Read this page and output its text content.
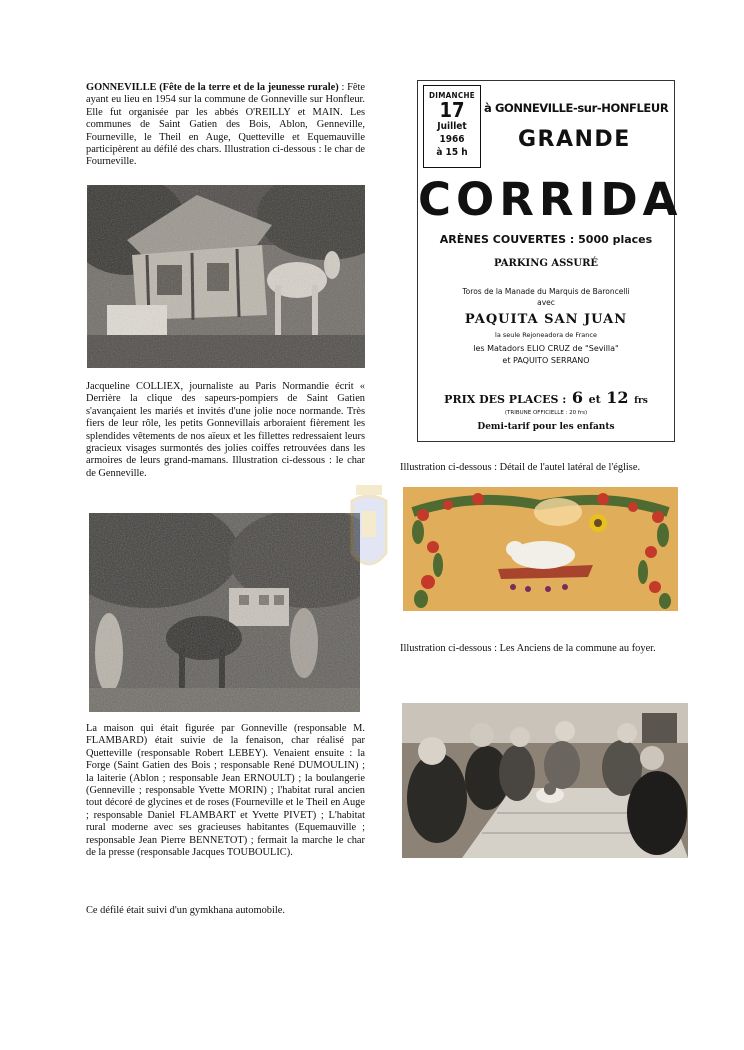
GONNEVILLE (Fête de la terre et de la jeunesse rurale) : Fête ayant eu lieu en 1954 sur la commune de Gonneville sur Honfleur. Elle fut organisée par les abbés O'REILLY et MAIN. Les communes de Saint Gatien des Bois, Ablon, Genneville, Fourneville, le Theil en Auge, Quetteville et Equemauville participèrent au défilé des chars. Illustration ci-dessous : le char de Fourneville.
Jacqueline COLLIEX, journaliste au Paris Normandie écrit « Derrière la clique des sapeurs-pompiers de Saint Gatien s'avançaient les mariés et invités d'une jolie noce normande. Très fiers de leur rôle, les petits Gonnevillais arboraient fièrement les splendides vêtements de nos aïeux et les fillettes redressaient leurs gracieux visages surmontés des jolies coiffes retrouvées dans les armoires de leurs grand-mamans. Illustration ci-dessous : le char de Genneville.
La maison qui était figurée par Gonneville (responsable M. FLAMBARD) était suivie de la fenaison, char réalisé par Quetteville (responsable Robert LEBEY). Venaient ensuite : la Forge (Saint Gatien des Bois ; responsable René DUMOULIN) ; la laiterie (Ablon ; responsable Jean ERNOULT) ; la boulangerie (Genneville ; responsable Yvette MORIN) ; l'habitat rural ancien tout décoré de glycines et de roses (Fourneville et le Theil en Auge ; responsable Daniel FLAMBART et Yvette PIVET) ; L'habitat rural moderne avec ses gracieuses habitantes (Equemauville ; responsable Jean Pierre BENNETOT) ; fermait la marche le char de la presse (responsable Jacques TOUBOULIC).
Ce défilé était suivi d'un gymkhana automobile.
DIMANCHE
17
Juillet 1966
à 15 h
à GONNEVILLE-sur-HONFLEUR
GRANDE
CORRIDA
ARÈNES COUVERTES : 5000 places
PARKING ASSURÉ
Toros de la Manade du Marquis de Baroncelli
avec
PAQUITA SAN JUAN
la seule Rejoneadora de France
les Matadors ELIO CRUZ de "Sevilla"
et PAQUITO SERRANO
PRIX DES PLACES : 6 et 12 frs
(TRIBUNE OFFICIELLE : 20 frs)
Demi-tarif pour les enfants
Illustration ci-dessous : Détail de l'autel latéral de l'église.
Illustration ci-dessous : Les Anciens de la commune au foyer.
